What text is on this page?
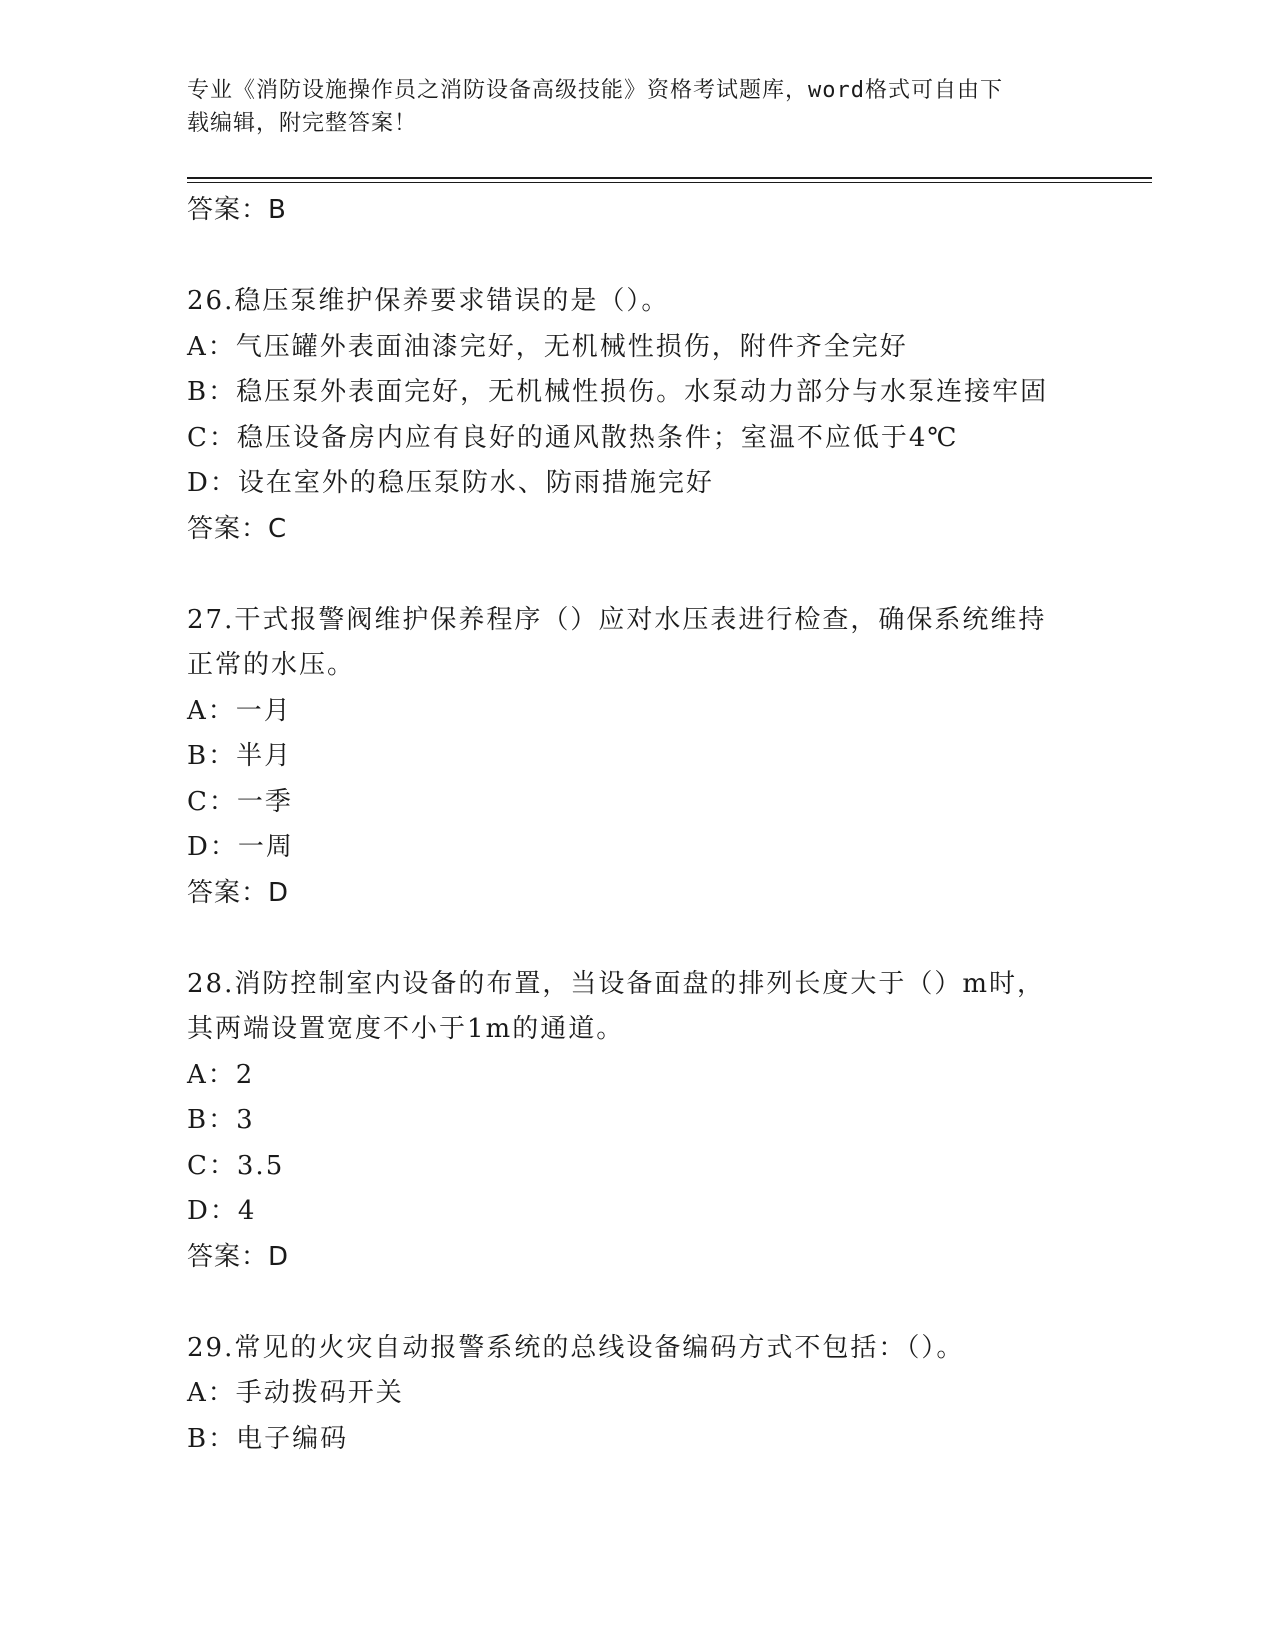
专业《消防设施操作员之消防设备高级技能》资格考试题库，word格式可自由下
载编辑，附完整答案！
答案：B
26.稳压泵维护保养要求错误的是（）。
A：气压罐外表面油漆完好，无机械性损伤，附件齐全完好
B：稳压泵外表面完好，无机械性损伤。水泵动力部分与水泵连接牢固
C：稳压设备房内应有良好的通风散热条件；室温不应低于4℃
D：设在室外的稳压泵防水、防雨措施完好
答案：C
27.干式报警阀维护保养程序（）应对水压表进行检查，确保系统维持
正常的水压。
A：一月
B：半月
C：一季
D：一周
答案：D
28.消防控制室内设备的布置，当设备面盘的排列长度大于（）m时，
其两端设置宽度不小于1m的通道。
A：2
B：3
C：3.5
D：4
答案：D
29.常见的火灾自动报警系统的总线设备编码方式不包括：（）。
A：手动拨码开关
B：电子编码
